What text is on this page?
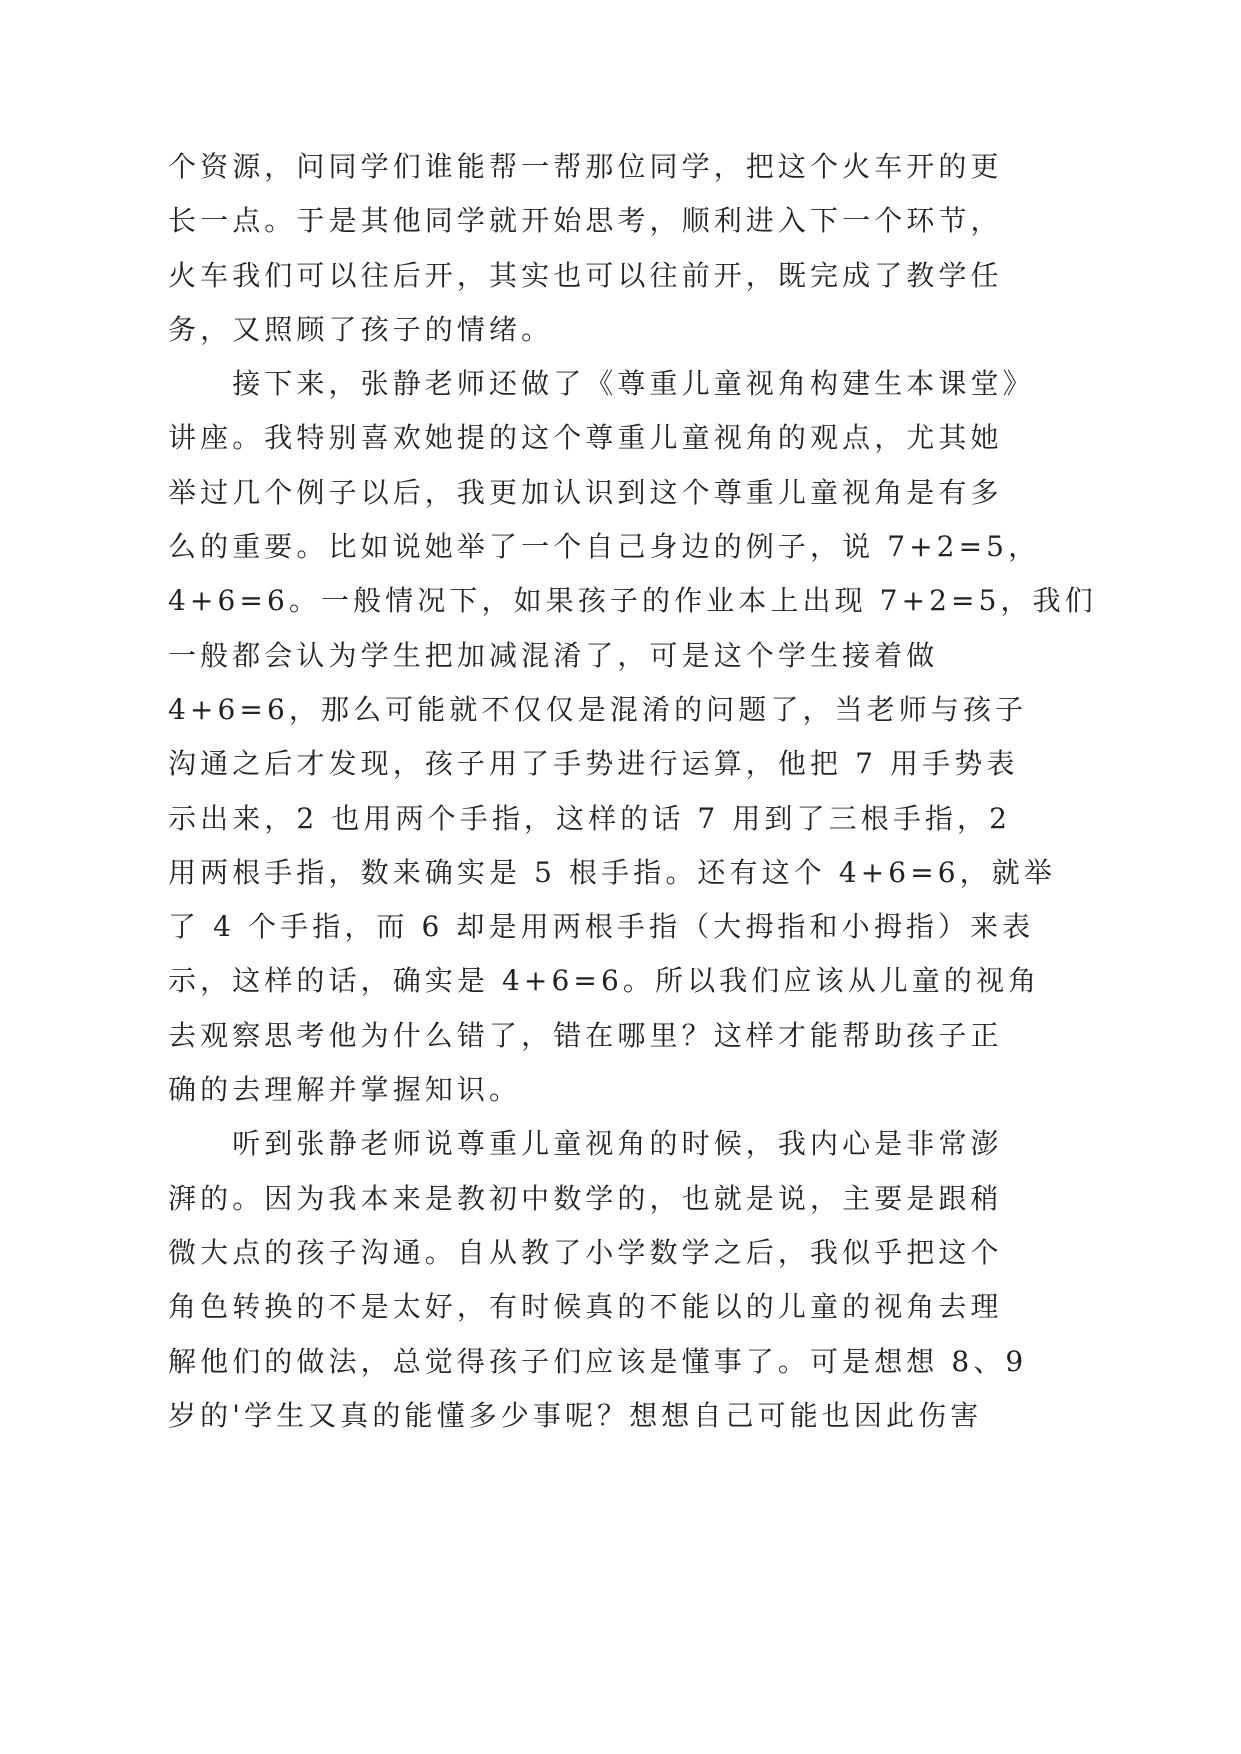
个资源，问同学们谁能帮一帮那位同学，把这个火车开的更
长一点。于是其他同学就开始思考，顺利进入下一个环节，
火车我们可以往后开，其实也可以往前开，既完成了教学任
务，又照顾了孩子的情绪。
　　接下来，张静老师还做了《尊重儿童视角构建生本课堂》
讲座。我特别喜欢她提的这个尊重儿童视角的观点，尤其她
举过几个例子以后，我更加认识到这个尊重儿童视角是有多
么的重要。比如说她举了一个自己身边的例子，说 7+2=5，
4+6=6。一般情况下，如果孩子的作业本上出现 7+2=5，我们
一般都会认为学生把加减混淆了，可是这个学生接着做
4+6=6，那么可能就不仅仅是混淆的问题了，当老师与孩子
沟通之后才发现，孩子用了手势进行运算，他把 7 用手势表
示出来，2 也用两个手指，这样的话 7 用到了三根手指，2
用两根手指，数来确实是 5 根手指。还有这个 4+6=6，就举
了 4 个手指，而 6 却是用两根手指（大拇指和小拇指）来表
示，这样的话，确实是 4+6=6。所以我们应该从儿童的视角
去观察思考他为什么错了，错在哪里？这样才能帮助孩子正
确的去理解并掌握知识。
　　听到张静老师说尊重儿童视角的时候，我内心是非常澎
湃的。因为我本来是教初中数学的，也就是说，主要是跟稍
微大点的孩子沟通。自从教了小学数学之后，我似乎把这个
角色转换的不是太好，有时候真的不能以的儿童的视角去理
解他们的做法，总觉得孩子们应该是懂事了。可是想想 8、9
岁的'学生又真的能懂多少事呢？想想自己可能也因此伤害
